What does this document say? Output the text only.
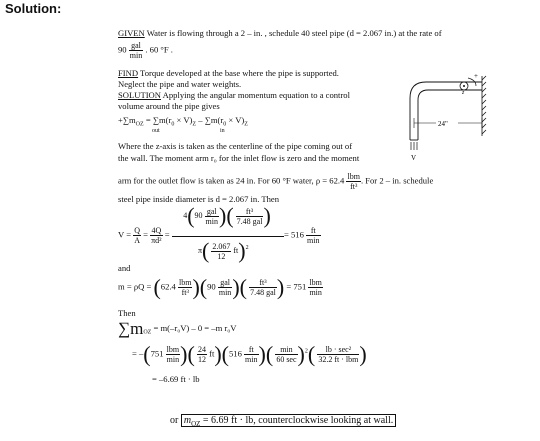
Solution:
GIVEN Water is flowing through a 2 – in. , schedule 40 steel pipe (d = 2.067 in.) at the rate of
$90 \frac{\text{gal}}{\min}$ . 60 °F .
FIND Torque developed at the base where the pipe is supported.
Neglect the pipe and water weights.
SOLUTION Applying the angular momentum equation to a control
volume around the pipe gives
$+\sum m_{OZ} = \sum m(r_0 \times V)_Z - \sum m(r_0 \times V)_Z$
out	in
Where the z-axis is taken as the centerline of the pipe coming out of
the wall. The moment arm r₀ for the inlet flow is zero and the moment
arm for the outlet flow is taken as 24 in. For 60 °F water, $\rho = 62.4 \frac{\text{lbm}}{\text{ft³}}$ . For 2 – in. schedule
steel pipe inside diameter is d = 2.067 in. Then
$V = \frac{Q}{A} = \frac{4Q}{\text{πd²}}$ =
$4(90 \frac{\text{gal}}{\min}$ )( $\frac{\text{ft³}}{\text{7.48 gal}}$ )
$\pi( \frac{2.067}{12} ft)^2$
= $516 \frac{ft}{\min}$
and
$m = \rho Q = (62.4 \frac{\text{lbm}}{\text{ft³}} )(90 \frac{\text{gal}}{\min}$ )( $\frac{\text{ft³}}{\text{7.48 gal}}$ ) = $751 \frac{\text{lbm}}{\min}$
Then
$\sum m_{OZ} = m(-r_0V) - 0 = -m$ r₀V
= $-(751 \frac{\text{lbm}}{\min}$ )( $\frac{24}{12} ft)(516 \frac{ft}{\min}$ )( $\frac{\min}{60 \sec} )^2( \frac{\text{lb · sec²}}{\text{32.2 ft · lbm}}$ )
= –6.69 ft · lb
or $m_{OZ} = 6.69$ ft · lb, counterclockwise looking at wall.
z
+
24"
V
